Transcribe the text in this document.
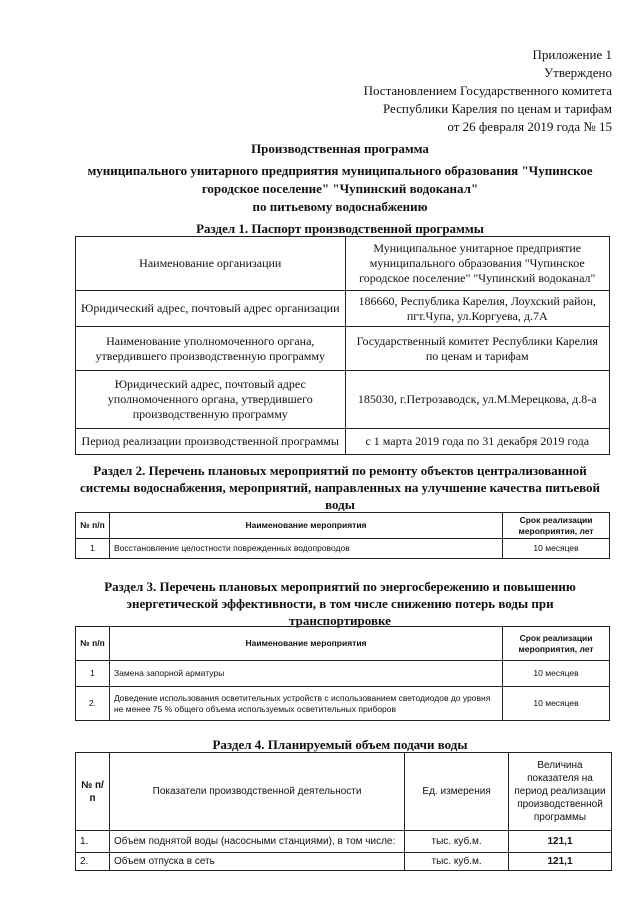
Приложение 1
Утверждено
Постановлением Государственного комитета
Республики Карелия по ценам и тарифам
от 26 февраля 2019 года № 15
Производственная программа
муниципального унитарного предприятия муниципального образования "Чупинское
городское поселение" "Чупинский водоканал"
по питьевому водоснабжению
Раздел 1. Паспорт производственной программы
Наименование организации	Муниципальное унитарное предприятие муниципального образования "Чупинское городское поселение" "Чупинский водоканал"
Юридический адрес, почтовый адрес организации	186660, Республика Карелия, Лоухский район, пгт.Чупа, ул.Коргуева, д.7А
Наименование уполномоченного органа, утвердившего производственную программу	Государственный комитет Республики Карелия по ценам и тарифам
Юридический адрес, почтовый адрес уполномоченного органа, утвердившего производственную программу	185030, г.Петрозаводск, ул.М.Мерецкова, д.8-а
Период реализации производственной программы	с 1 марта 2019 года по 31 декабря 2019 года
Раздел 2. Перечень плановых мероприятий по ремонту объектов централизованной
системы водоснабжения, мероприятий, направленных на улучшение качества питьевой
воды
№ п/п	Наименование мероприятия	Срок реализации мероприятия, лет
1	Восстановление целостности поврежденных водопроводов	10 месяцев
Раздел 3. Перечень плановых мероприятий по энергосбережению и повышению
энергетической эффективности, в том числе снижению потерь воды при
транспортировке
№ п/п	Наименование мероприятия	Срок реализации мероприятия, лет
1	Замена запорной арматуры	10 месяцев
2.	Доведение использования осветительных устройств с использованием светодиодов до уровня не менее 75 % общего объема используемых осветительных приборов	10 месяцев
Раздел 4. Планируемый объем подачи воды
№ п/п	Показатели производственной деятельности	Ед. измерения	Величина показателя на период реализации производственной программы
1.	Объем поднятой воды (насосными станциями), в том числе:	тыс. куб.м.	121,1
2.	Объем отпуска в сеть	тыс. куб.м.	121,1
